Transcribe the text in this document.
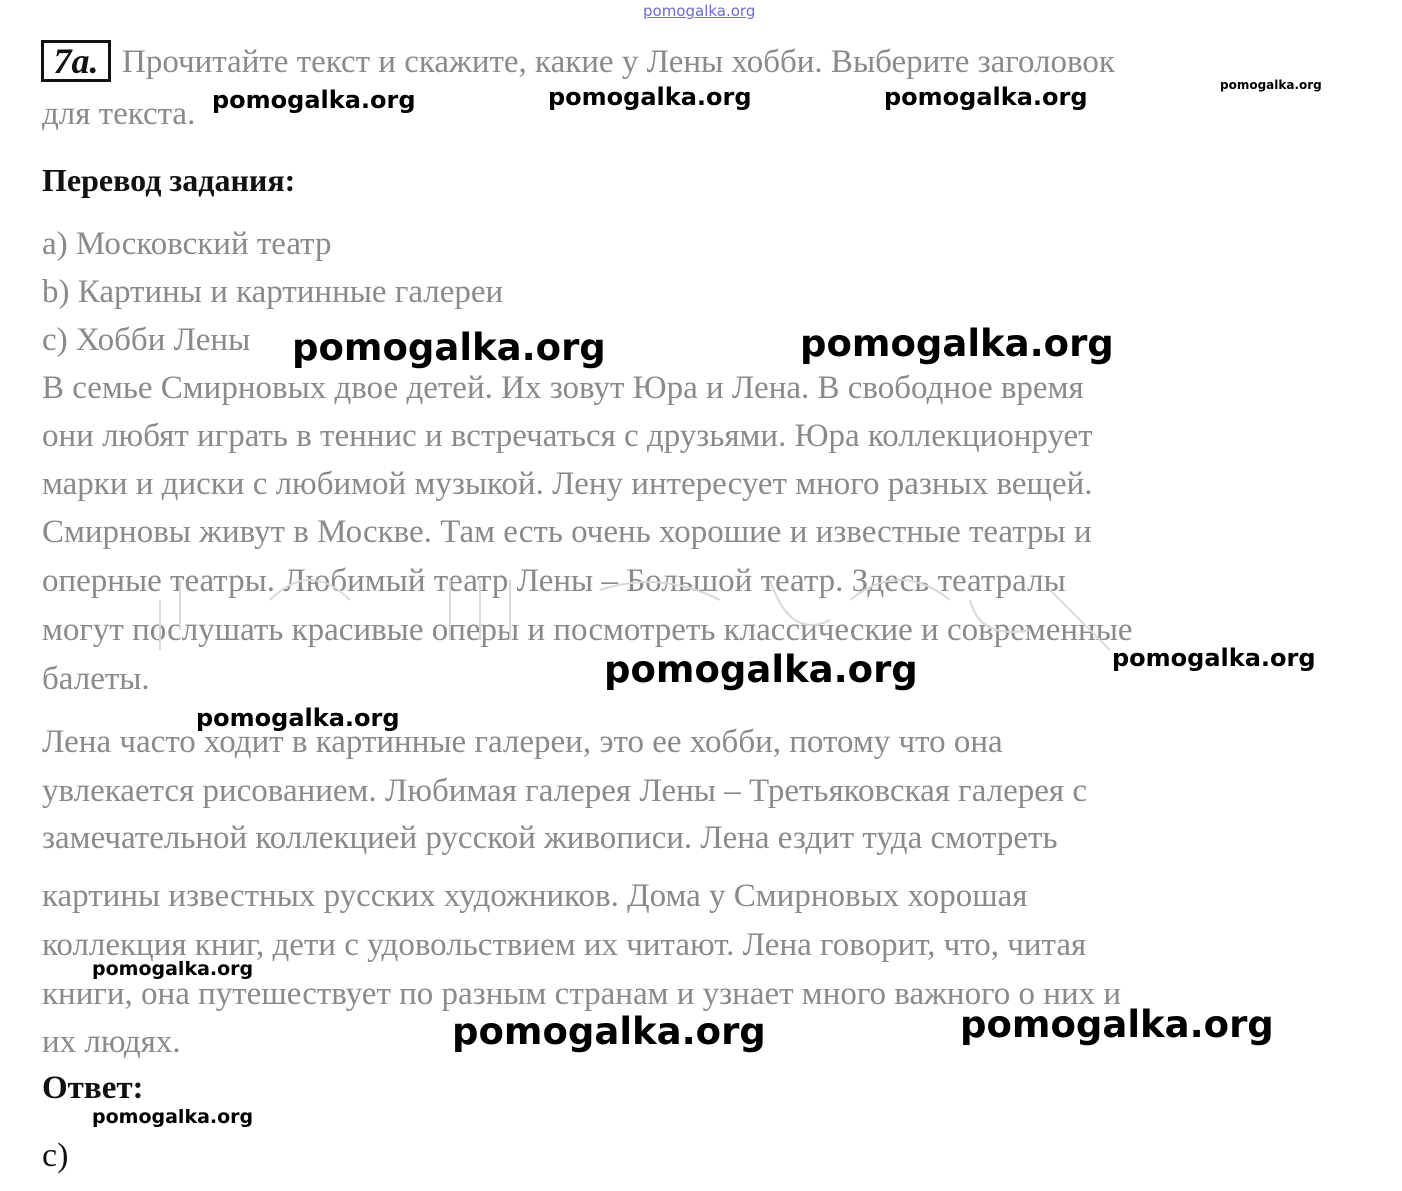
pomogalka.org
7a. Прочитайте текст и скажите, какие у Лены хобби. Выберите заголовок
для текста.
Перевод задания:
a) Московский театр
b) Картины и картинные галереи
c) Хобби Лены
В семье Смирновых двое детей. Их зовут Юра и Лена. В свободное время
они любят играть в теннис и встречаться с друзьями. Юра коллекционрует
марки и диски с любимой музыкой. Лену интересует много разных вещей.
Смирновы живут в Москве. Там есть очень хорошие и известные театры и
оперные театры. Любимый театр Лены – Большой театр. Здесь театралы
могут послушать красивые оперы и посмотреть классические и современные
балеты.
Лена часто ходит в картинные галереи, это ее хобби, потому что она
увлекается рисованием. Любимая галерея Лены – Третьяковская галерея с
замечательной коллекцией русской живописи. Лена ездит туда смотреть
картины известных русских художников. Дома у Смирновых хорошая
коллекция книг, дети с удовольствием их читают. Лена говорит, что, читая
книги, она путешествует по разным странам и узнает много важного о них и
их людях.
Ответ:
c)
pomogalka.org	pomogalka.org	pomogalka.org	pomogalka.org
pomogalka.org	pomogalka.org
pomogalka.org	pomogalka.org
pomogalka.org
pomogalka.org
pomogalka.org	pomogalka.org
pomogalka.org
